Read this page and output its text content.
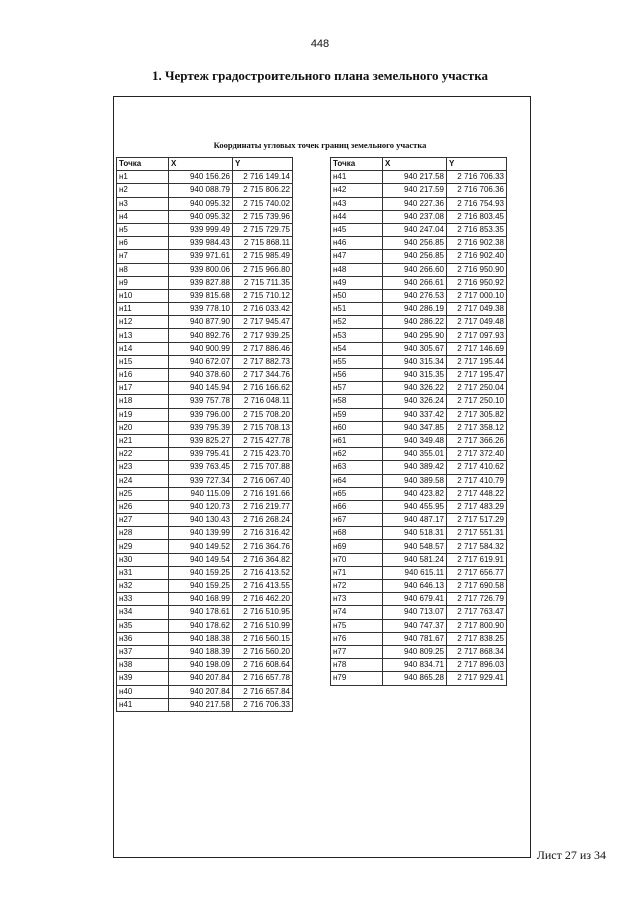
448
1. Чертеж градостроительного плана земельного участка
Координаты угловых точек границ земельного участка
Точка	X	Y
н1	940 156.26	2 716 149.14
н2	940 088.79	2 715 806.22
н3	940 095.32	2 715 740.02
н4	940 095.32	2 715 739.96
н5	939 999.49	2 715 729.75
н6	939 984.43	2 715 868.11
н7	939 971.61	2 715 985.49
н8	939 800.06	2 715 966.80
н9	939 827.88	2 715 711.35
н10	939 815.68	2 715 710.12
н11	939 778.10	2 716 033.42
н12	940 877.90	2 717 945.47
н13	940 892.76	2 717 939.25
н14	940 900.99	2 717 886.46
н15	940 672.07	2 717 882.73
н16	940 378.60	2 717 344.76
н17	940 145.94	2 716 166.62
н18	939 757.78	2 716 048.11
н19	939 796.00	2 715 708.20
н20	939 795.39	2 715 708.13
н21	939 825.27	2 715 427.78
н22	939 795.41	2 715 423.70
н23	939 763.45	2 715 707.88
н24	939 727.34	2 716 067.40
н25	940 115.09	2 716 191.66
н26	940 120.73	2 716 219.77
н27	940 130.43	2 716 268.24
н28	940 139.99	2 716 316.42
н29	940 149.52	2 716 364.76
н30	940 149.54	2 716 364.82
н31	940 159.25	2 716 413.52
н32	940 159.25	2 716 413.55
н33	940 168.99	2 716 462.20
н34	940 178.61	2 716 510.95
н35	940 178.62	2 716 510.99
н36	940 188.38	2 716 560.15
н37	940 188.39	2 716 560.20
н38	940 198.09	2 716 608.64
н39	940 207.84	2 716 657.78
н40	940 207.84	2 716 657.84
н41	940 217.58	2 716 706.33
Точка	X	Y
н41	940 217.58	2 716 706.33
н42	940 217.59	2 716 706.36
н43	940 227.36	2 716 754.93
н44	940 237.08	2 716 803.45
н45	940 247.04	2 716 853.35
н46	940 256.85	2 716 902.38
н47	940 256.85	2 716 902.40
н48	940 266.60	2 716 950.90
н49	940 266.61	2 716 950.92
н50	940 276.53	2 717 000.10
н51	940 286.19	2 717 049.38
н52	940 286.22	2 717 049.48
н53	940 295.90	2 717 097.93
н54	940 305.67	2 717 146.69
н55	940 315.34	2 717 195.44
н56	940 315.35	2 717 195.47
н57	940 326.22	2 717 250.04
н58	940 326.24	2 717 250.10
н59	940 337.42	2 717 305.82
н60	940 347.85	2 717 358.12
н61	940 349.48	2 717 366.26
н62	940 355.01	2 717 372.40
н63	940 389.42	2 717 410.62
н64	940 389.58	2 717 410.79
н65	940 423.82	2 717 448.22
н66	940 455.95	2 717 483.29
н67	940 487.17	2 717 517.29
н68	940 518.31	2 717 551.31
н69	940 548.57	2 717 584.32
н70	940 581.24	2 717 619.91
н71	940 615.11	2 717 656.77
н72	940 646.13	2 717 690.58
н73	940 679.41	2 717 726.79
н74	940 713.07	2 717 763.47
н75	940 747.37	2 717 800.90
н76	940 781.67	2 717 838.25
н77	940 809.25	2 717 868.34
н78	940 834.71	2 717 896.03
н79	940 865.28	2 717 929.41
Лист 27 из 34
